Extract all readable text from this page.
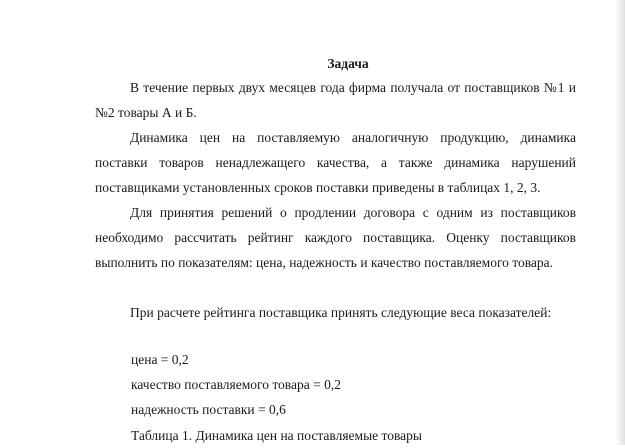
Задача

В течение первых двух месяцев года фирма получала от поставщиков №1 и №2 товары А и Б.

Динамика цен на поставляемую аналогичную продукцию, динамика поставки товаров ненадлежащего качества, а также динамика нарушений поставщиками установленных сроков поставки приведены в таблицах 1, 2, 3.

Для принятия решений о продлении договора с одним из поставщиков необходимо рассчитать рейтинг каждого поставщика. Оценку поставщиков выполнить по показателям: цена, надежность и качество поставляемого товара.

При расчете рейтинга поставщика принять следующие веса показателей:

цена = 0,2
качество поставляемого товара = 0,2
надежность поставки = 0,6
Таблица 1. Динамика цен на поставляемые товары
